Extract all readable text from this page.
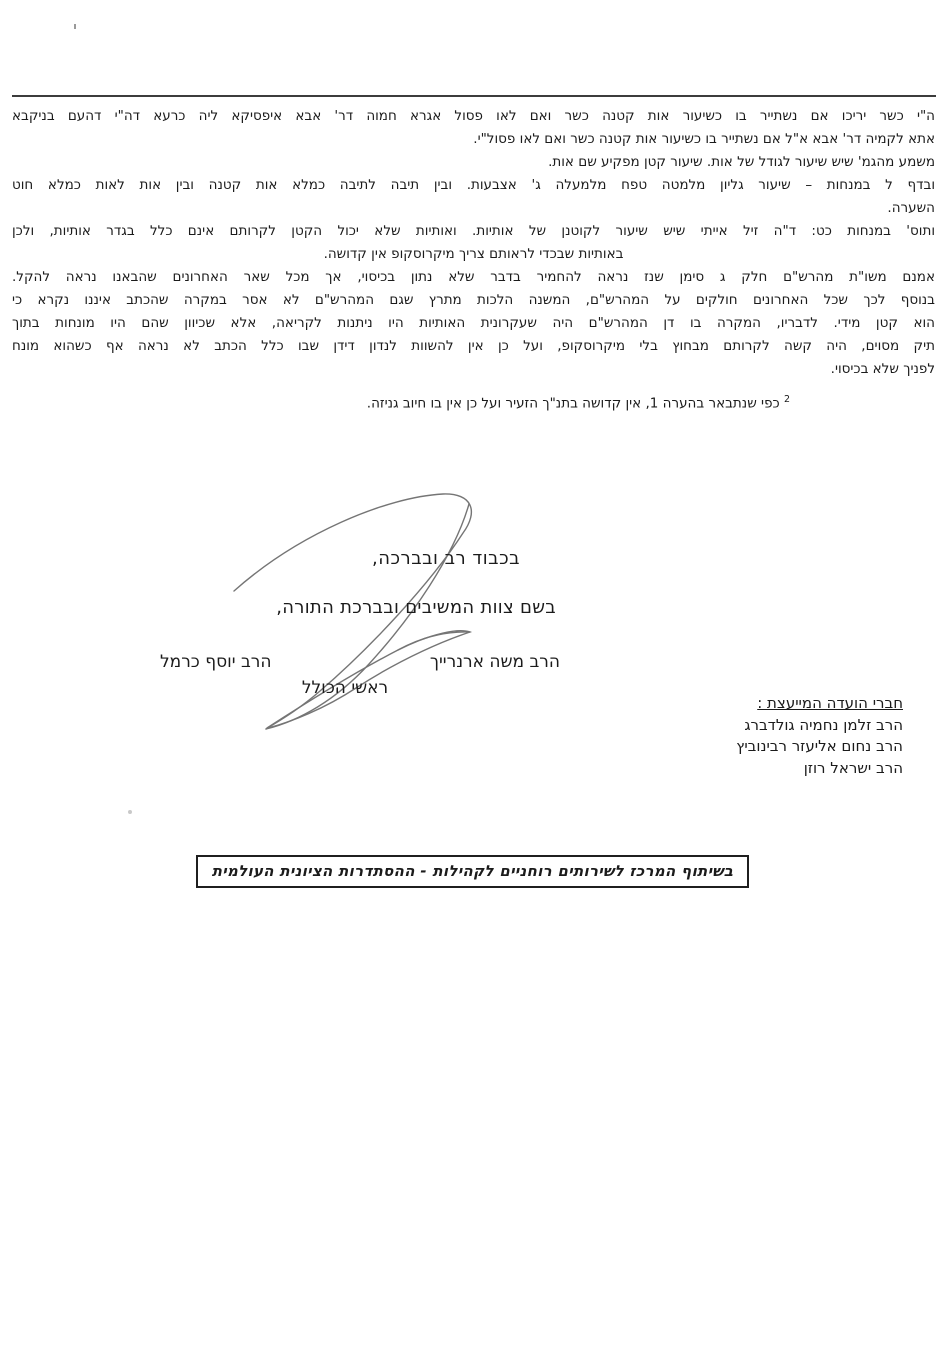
ה"י כשר יריכו אם נשתייר בו כשיעור אות קטנה כשר ואם לאו פסול אגרא חמוה דר' אבא איפסיקא ליה כרעא דה"י דהעם בניקבא
אתא לקמיה דר' אבא א"ל אם נשתייר בו כשיעור אות קטנה כשר ואם לאו פסול"י.
משמע מהגמ' שיש שיעור לגודל של אות. שיעור קטן מפקיע שם אות.
ובדף ל במנחות – שיעור גליון מלמטה טפח מלמעלה ג' אצבעות. ובין תיבה לתיבה כמלא אות קטנה ובין אות לאות כמלא חוט
השערה.
ותוס' במנחות כט: ד"ה זיל אייתי שיש שיעור לקוטנן של אותיות. ואותיות שלא יכול הקטן לקרותם אינם כלל בגדר אותיות, ולכן
באותיות שבכדי לראותם צריך מיקרוסקופ אין קדושה.
אמנם משו"ת מהרש"ם חלק ג סימן שנז נראה להחמיר בדבר שלא נתון בכיסוי, אך מכל שאר האחרונים שהבאנו נראה להקל.
בנוסף לכך שכל האחרונים חולקים על המהרש"ם, המשנה הלכות מתרץ שגם המהרש"ם לא אסר במקרה שהכתב איננו נקרא כי
הוא קטן מידי. לדבריו, המקרה בו דן המהרש"ם היה שעקרונית האותיות היו ניתנות לקריאה, אלא שכיוון שהם היו מונחות בתוך
תיק מסוים, היה קשה לקרותם מבחוץ בלי מיקרוסקופ, ועל כן אין להשוות לנדון דידן שבו כלל הכתב לא נראה אף כשהוא מונח
לפניך שלא בכיסוי.
$^2$ כפי שנתבאר בהערה 1, אין קדושה בתנ"ך הזעיר ועל כן אין בו חיוב גניזה.
בכבוד רב ובברכה,
בשם צוות המשיבים ובברכת התורה,
הרב משה ארנרייך
הרב יוסף כרמל
ראשי הכולל
חברי הועדה המייעצת :
הרב זלמן נחמיה גולדברג
הרב נחום אליעזר רבינוביץ
הרב ישראל רוזן
בשיתוף המרכז לשירותים רוחניים לקהילות - ההסתדרות הציונית העולמית
